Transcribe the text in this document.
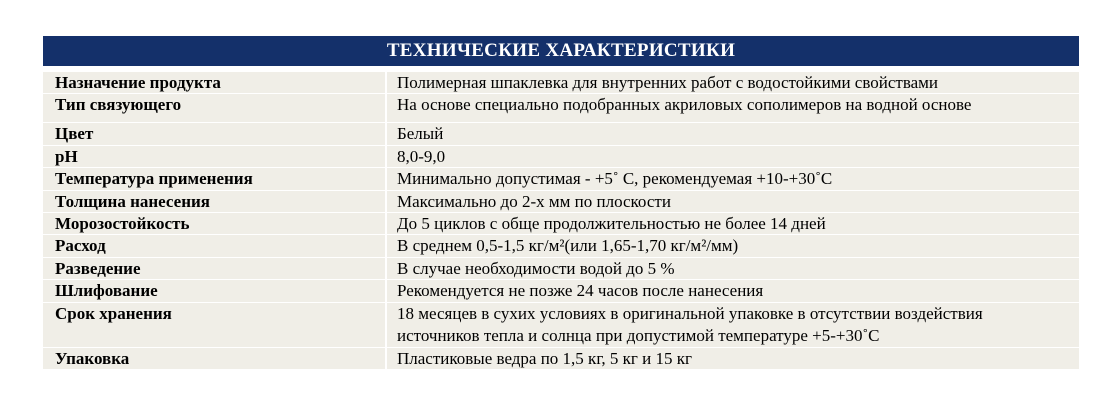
ТЕХНИЧЕСКИЕ ХАРАКТЕРИСТИКИ
Назначение продукта	Полимерная шпаклевка для внутренних работ с водостойкими свойствами
Тип связующего	На основе специально подобранных акриловых сополимеров на водной основе
Цвет	Белый
pH	8,0-9,0
Температура применения	Минимально допустимая - +5˚ С, рекомендуемая +10-+30˚С
Толщина нанесения	Максимально до 2-х мм по плоскости
Морозостойкость	До 5 циклов с обще продолжительностью не более 14 дней
Расход	В среднем 0,5-1,5 кг/м²(или 1,65-1,70 кг/м²/мм)
Разведение	В случае необходимости водой до 5 %
Шлифование	Рекомендуется не позже 24 часов после нанесения
Срок хранения	18 месяцев в сухих условиях в оригинальной упаковке в отсутствии воздействия
источников тепла и солнца при допустимой температуре +5-+30˚С
Упаковка	Пластиковые ведра по 1,5 кг, 5 кг и 15 кг
